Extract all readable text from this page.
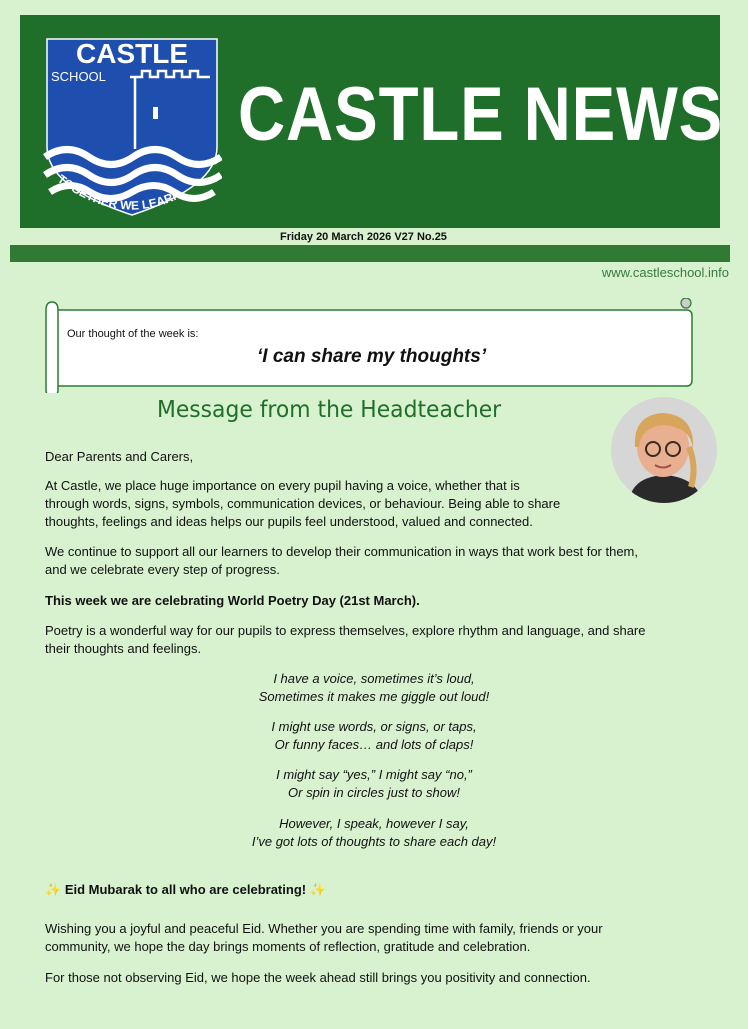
CASTLE
SCHOOL
TOGETHER WE LEARN
CASTLE NEWS
Friday 20 March 2026 V27 No.25
www.castleschool.info
Our thought of the week is:
‘I can share my thoughts’
Message from the Headteacher
Dear Parents and Carers,
At Castle, we place huge importance on every pupil having a voice, whether that is
through words, signs, symbols, communication devices, or behaviour. Being able to share
thoughts, feelings and ideas helps our pupils feel understood, valued and connected.
We continue to support all our learners to develop their communication in ways that work best for them,
and we celebrate every step of progress.
This week we are celebrating World Poetry Day (21st March).
Poetry is a wonderful way for our pupils to express themselves, explore rhythm and language, and share
their thoughts and feelings.
I have a voice, sometimes it’s loud,
Sometimes it makes me giggle out loud!
I might use words, or signs, or taps,
Or funny faces… and lots of claps!
I might say “yes,” I might say “no,”
Or spin in circles just to show!
However, I speak, however I say,
I’ve got lots of thoughts to share each day!
✨ Eid Mubarak to all who are celebrating! ✨
Wishing you a joyful and peaceful Eid. Whether you are spending time with family, friends or your
community, we hope the day brings moments of reflection, gratitude and celebration.
For those not observing Eid, we hope the week ahead still brings you positivity and connection.
